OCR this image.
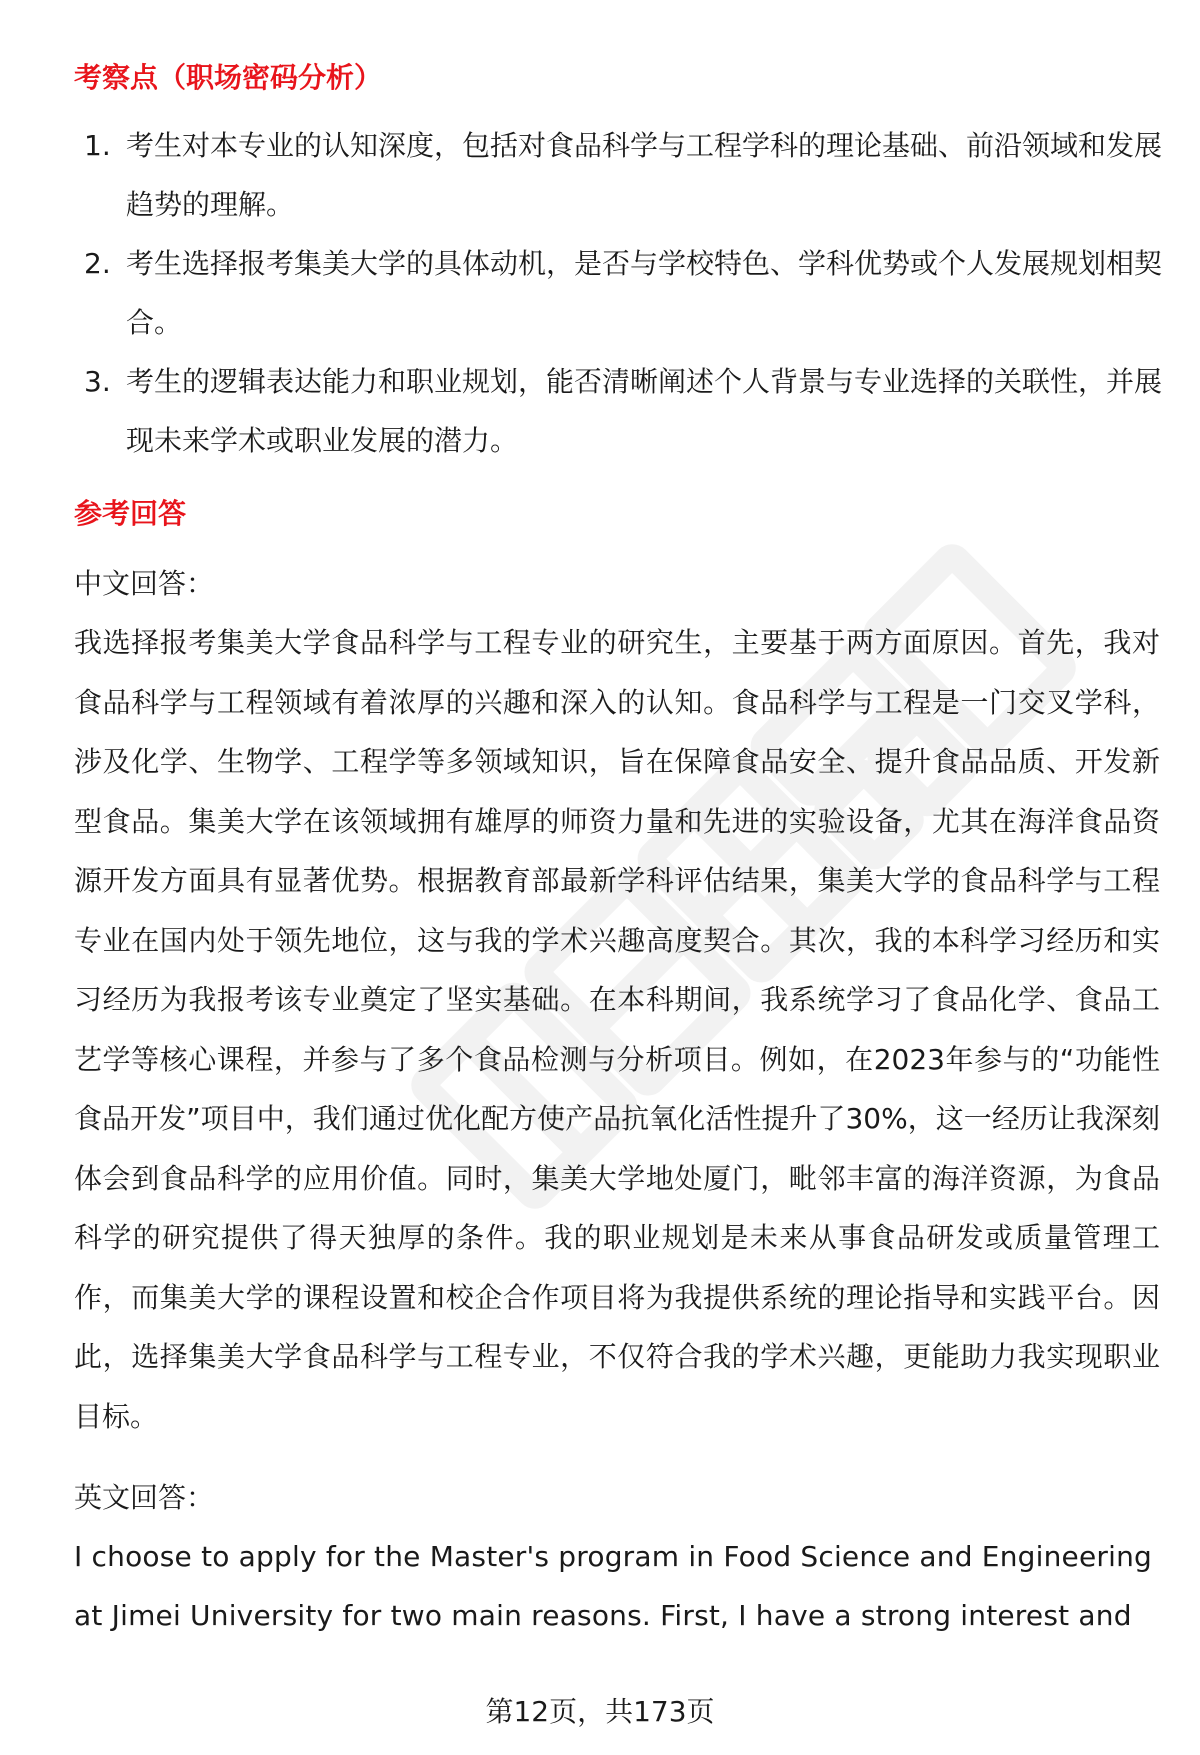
考察点（职场密码分析）
1. 考生对本专业的认知深度，包括对食品科学与工程学科的理论基础、前沿领域和发展趋势的理解。
2. 考生选择报考集美大学的具体动机，是否与学校特色、学科优势或个人发展规划相契合。
3. 考生的逻辑表达能力和职业规划，能否清晰阐述个人背景与专业选择的关联性，并展现未来学术或职业发展的潜力。
参考回答
中文回答：

我选择报考集美大学食品科学与工程专业的研究生，主要基于两方面原因。首先，我对食品科学与工程领域有着浓厚的兴趣和深入的认知。食品科学与工程是一门交叉学科，涉及化学、生物学、工程学等多领域知识，旨在保障食品安全、提升食品品质、开发新型食品。集美大学在该领域拥有雄厚的师资力量和先进的实验设备，尤其在海洋食品资源开发方面具有显著优势。根据教育部最新学科评估结果，集美大学的食品科学与工程专业在国内处于领先地位，这与我的学术兴趣高度契合。其次，我的本科学习经历和实习经历为我报考该专业奠定了坚实基础。在本科期间，我系统学习了食品化学、食品工艺学等核心课程，并参与了多个食品检测与分析项目。例如，在2023年参与的“功能性食品开发”项目中，我们通过优化配方使产品抗氧化活性提升了30%，这一经历让我深刻体会到食品科学的应用价值。同时，集美大学地处厦门，毗邻丰富的海洋资源，为食品科学的研究提供了得天独厚的条件。我的职业规划是未来从事食品研发或质量管理工作，而集美大学的课程设置和校企合作项目将为我提供系统的理论指导和实践平台。因此，选择集美大学食品科学与工程专业，不仅符合我的学术兴趣，更能助力我实现职业目标。

英文回答：

I choose to apply for the Master's program in Food Science and Engineering at Jimei University for two main reasons. First, I have a strong interest and

第12页，共173页
